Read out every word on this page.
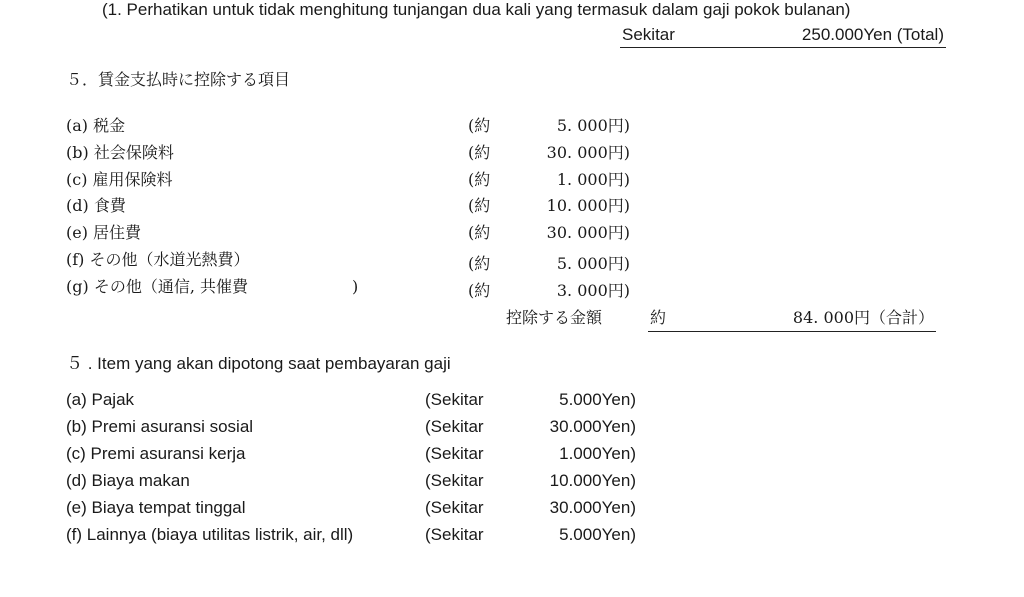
(1. Perhatikan untuk tidak menghitung tunjangan dua kali yang termasuk dalam gaji pokok bulanan)
Sekitar	250.000Yen (Total)
５．賃金支払時に控除する項目
(a) 税金	(約	5. 000円)
(b) 社会保険料	(約	30. 000円)
(c) 雇用保険料	(約	1. 000円)
(d) 食費	(約	10. 000円)
(e) 居住費	(約	30. 000円)
(f) その他（水道光熱費）	(約	5. 000円)
(g) その他（通信, 共催費	)	(約	3. 000円)
控除する金額	約	84. 000円（合計）
５ . Item yang akan dipotong saat pembayaran gaji
(a) Pajak	(Sekitar	5.000Yen)
(b) Premi asuransi sosial	(Sekitar	30.000Yen)
(c) Premi asuransi kerja	(Sekitar	1.000Yen)
(d) Biaya makan	(Sekitar	10.000Yen)
(e) Biaya tempat tinggal	(Sekitar	30.000Yen)
(f) Lainnya (biaya utilitas listrik, air, dll)	(Sekitar	5.000Yen)
